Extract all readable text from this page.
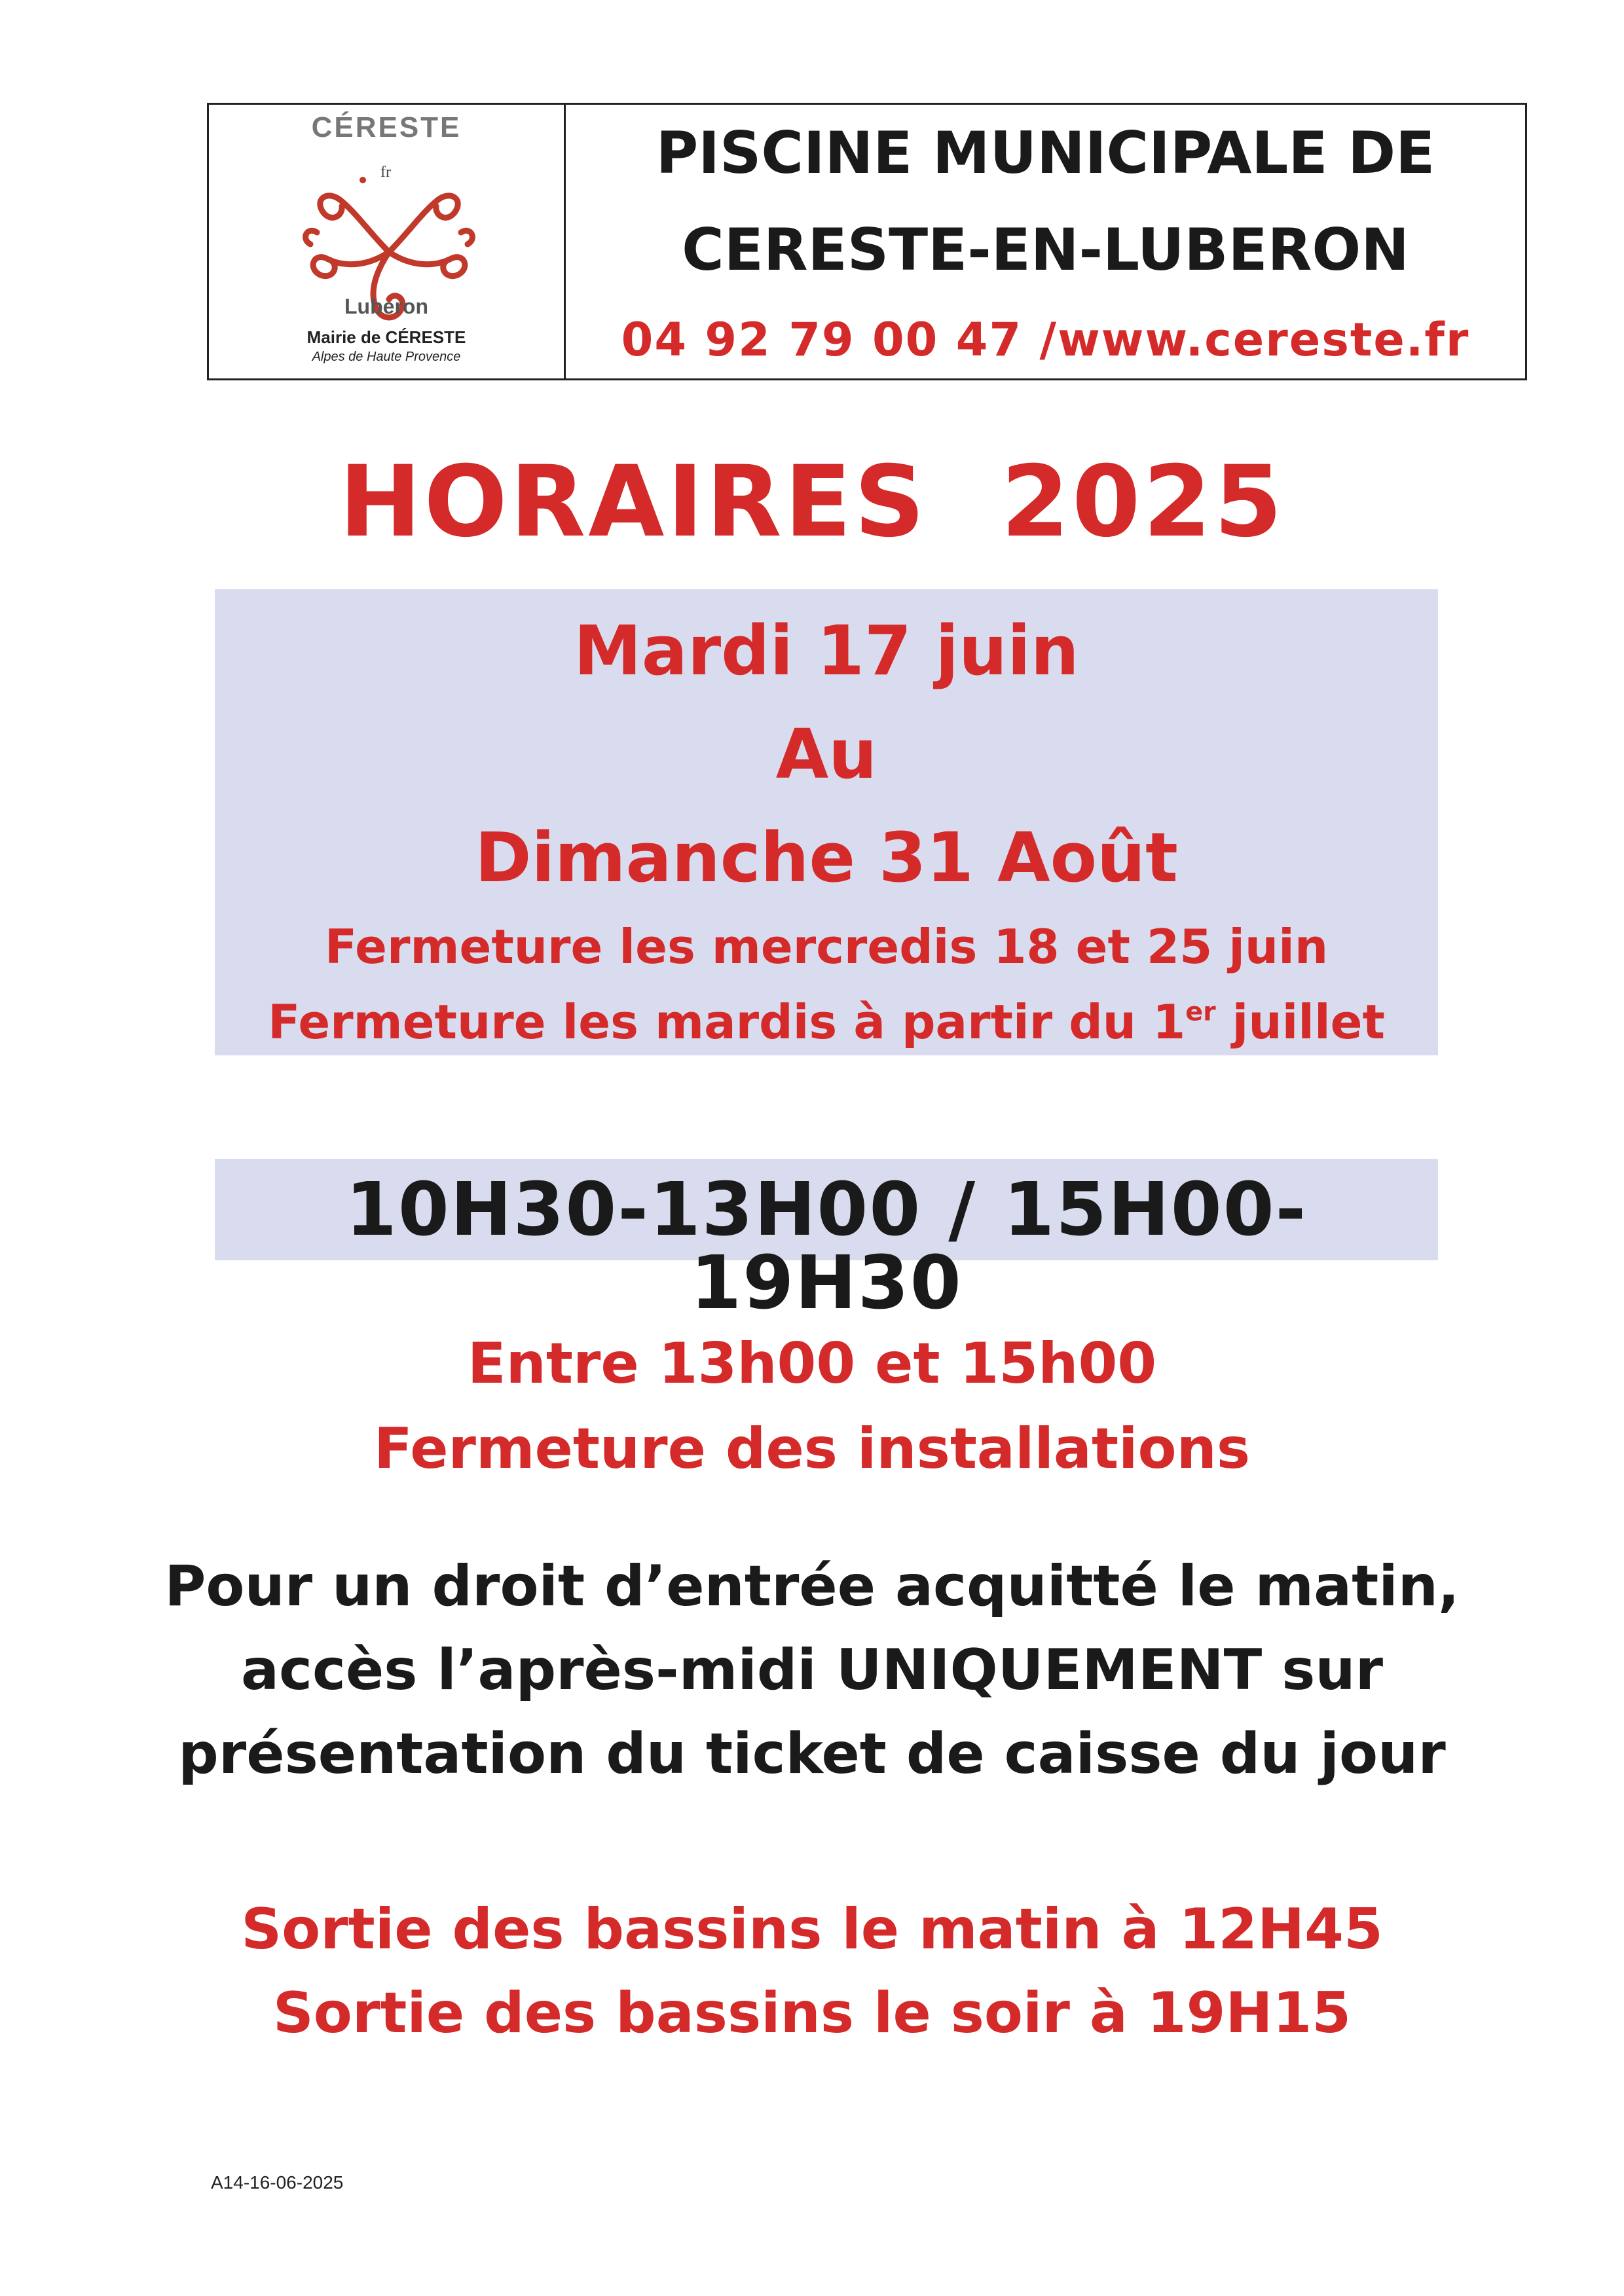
CÉRESTE
fr
Luberon
Mairie de CÉRESTE
Alpes de Haute Provence
PISCINE MUNICIPALE DE
CERESTE-EN-LUBERON
04 92 79 00 47 /www.cereste.fr
HORAIRES  2025
Mardi 17 juin
Au
Dimanche 31 Août
Fermeture les mercredis 18 et 25 juin
Fermeture les mardis à partir du 1er juillet
10H30-13H00 / 15H00-19H30
Entre 13h00 et 15h00
Fermeture des installations
Pour un droit d’entrée acquitté le matin,
accès l’après-midi UNIQUEMENT sur
présentation du ticket de caisse du jour
Sortie des bassins le matin à 12H45
Sortie des bassins le soir à 19H15
A14-16-06-2025
